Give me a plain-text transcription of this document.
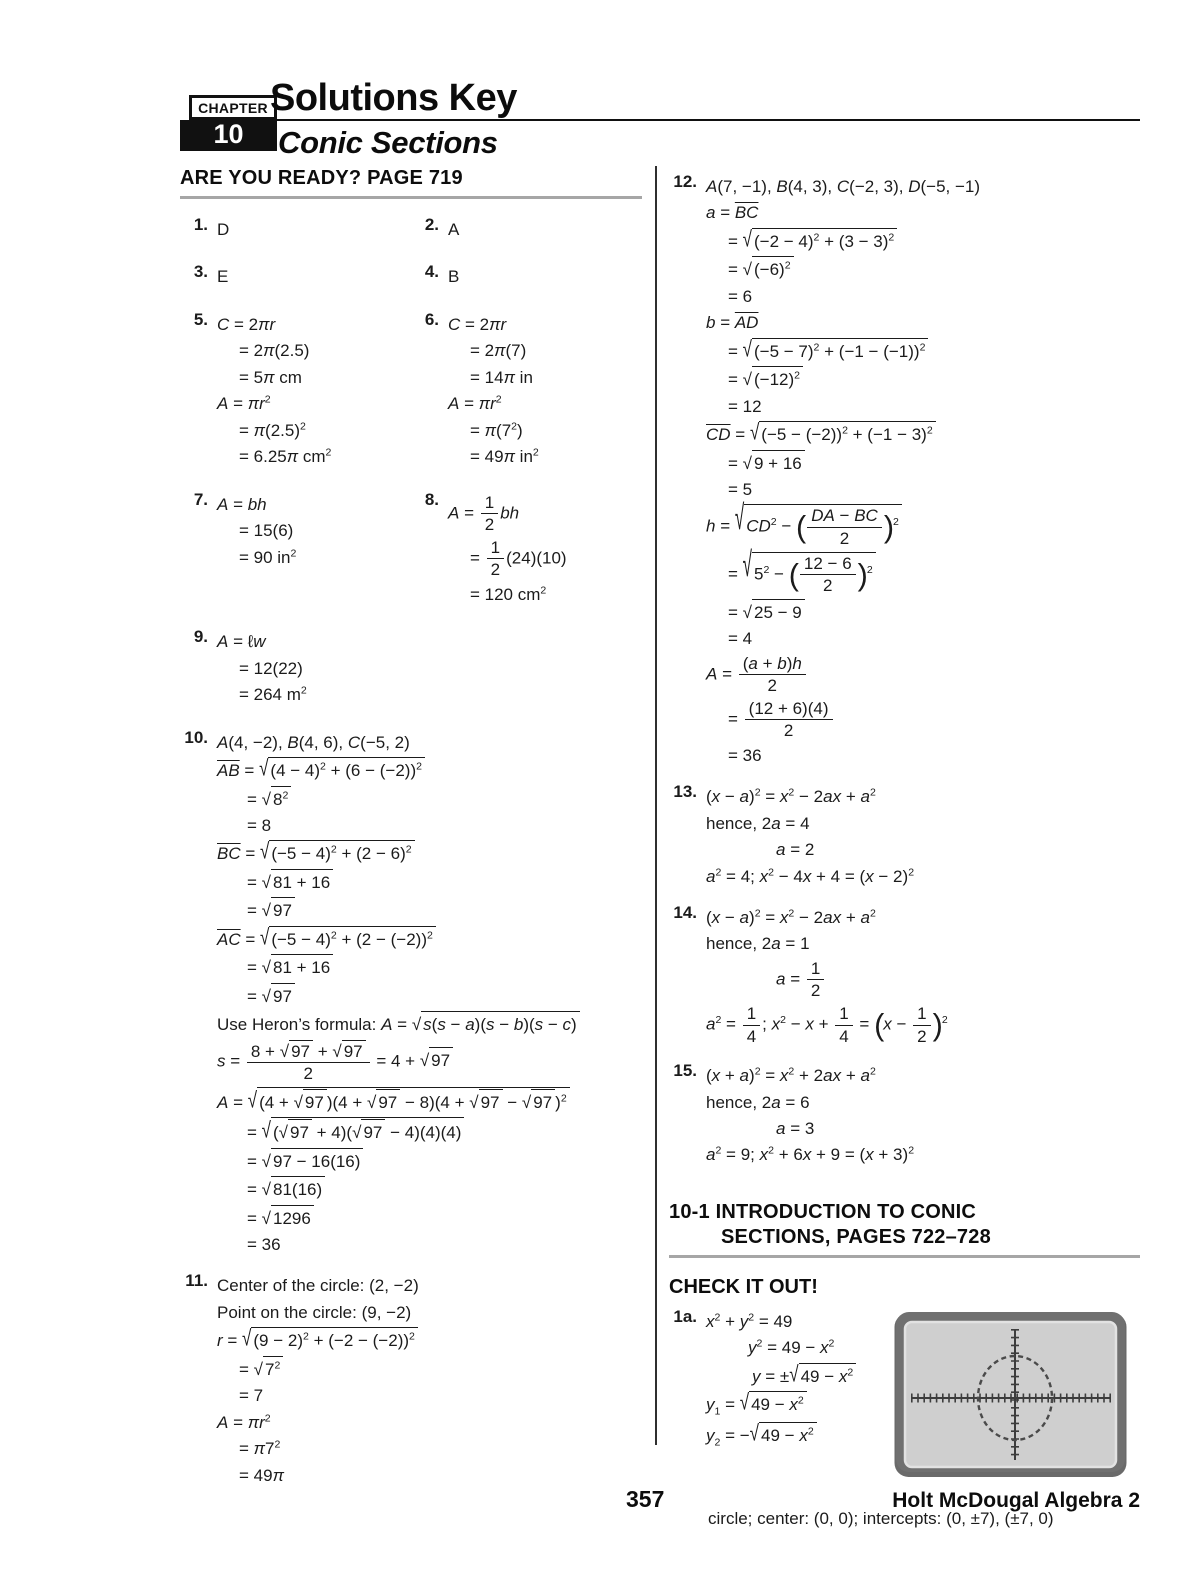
CHAPTER
10
Solutions Key
Conic Sections
ARE YOU READY? PAGE 719
1. D	2. A
3. E	4. B
5. C = 2πr
= 2π(2.5)
= 5π cm
$A = \pi r^2$
= $\pi(2.5)^2$
= 6.25π $cm^2$
6. C = 2πr
= 2π(7)
= 14π in
$A = \pi r^2$
= $\pi(7^2)$
= 49π $in^2$
7. A = bh
= 15(6)
= 90 $in^2$
8.
$A = \frac{1}{2}$ bh
= $\frac{1}{2} (24)(10)$
= 120 $cm^2$
9. A = ℓw
= 12(22)
= 264 $m^2$
10. A(4, −2), B(4, 6), C(−5, 2)
$\overline{AB}$ = √ $(4 - 4)^2 + (6 - (-2))^2$
= √ $8^2$
= 8
$\overline{BC}$ = √ $(-5 - 4)^2 + (2 - 6)^2$
= √ 81 + 16
= √ 97
$\overline{AC}$ = √ $(-5 - 4)^2 + (2 - (-2))^2$
= √ 81 + 16
= √ 97
Use Heron’s formula: A = √ s(s − a)(s − b)(s − c)
$s = \frac{8 + √ 97 + √ 97}{2} = 4$ + √ 97
A = √ (4 + √ 97 )(4 + √ 97 − 8)(4 + √ 97 − √ 97 )$^2$
= √ (√ 97 + 4)(√ 97 − 4)(4)(4)
= √ 97 − 16(16)
= √ 81(16)
= √ 1296
= 36
11. Center of the circle: (2, −2)
Point on the circle: (9, −2)
r = √ $(9 - 2)^2 + (-2 - (-2))^2$
= √ $7^2$
= 7
$A = \pi r^2$
= $\pi 7^2$
= 49π
12. A(7, −1), B(4, 3), C(−2, 3), D(−5, −1)
$a = \overline{BC}$
= √ $(-2 - 4)^2 + (3 - 3)^2$
= √ $(-6)^2$
= 6
$b = \overline{AD}$
= √ $(-5 - 7)^2 + (-1 - (-1))^2$
= √ $(-12)^2$
= 12
$\overline{CD}$ = √ $(-5 - (-2))^2 + (-1 - 3)^2$
= √ 9 + 16
= 5
h = √ $CD^2$ − ( $\frac{DA - BC}{2} )^2$
= √ $5^2$ − ( $\frac{12 - 6}{2} )^2$
= √ 25 − 9
= 4
$A = \frac{(a + b)h}{2}$
= $\frac{(12 + 6)(4)}{2}$
= 36
13. $(x - a)^2 = x^2 - 2ax + a^2$
hence, 2a = 4
a = 2
$a^2 = 4$; $x^2 - 4x + 4 = (x - 2)^2$
14. $(x - a)^2 = x^2 - 2ax + a^2$
hence, 2a = 1
$a = \frac{1}{2}$
$a^2 = \frac{1}{4}$ ; $x^2 - x + \frac{1}{4} = (x - \frac{1}{2} )^2$
15. $(x + a)^2 = x^2 + 2ax + a^2$
hence, 2a = 6
a = 3
$a^2 = 9$; $x^2 + 6x + 9 = (x + 3)^2$
10-1 INTRODUCTION TO CONIC
SECTIONS, PAGES 722–728
CHECK IT OUT!
1a. $x^2 + y^2 = 49$
$y^2 = 49 - x^2$
y = ±√ $49 - x^2$
$y_1$ = √ $49 - x^2$
$y_2$ = −√ $49 - x^2$
circle; center: (0, 0); intercepts: (0, ±7), (±7, 0)
357	Holt McDougal Algebra 2
